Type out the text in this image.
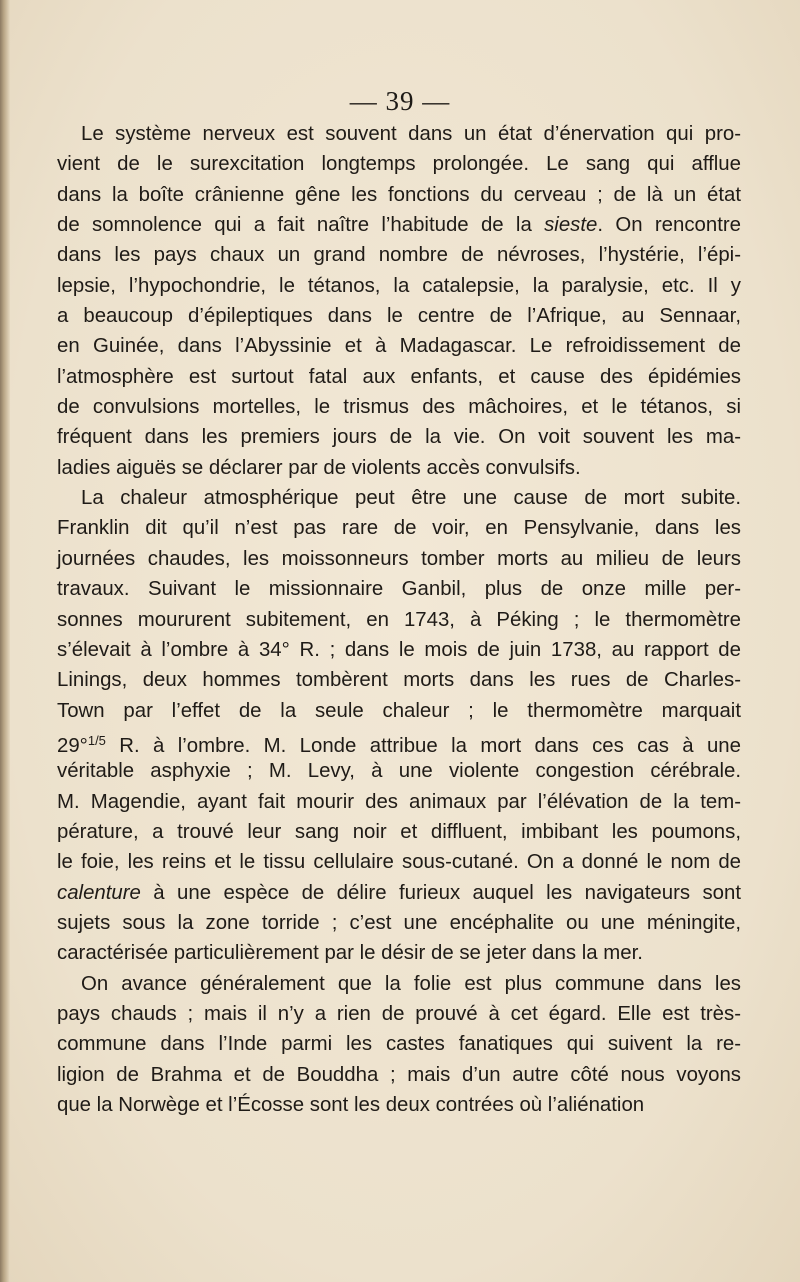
— 39 —
Le système nerveux est souvent dans un état d’énervation qui pro-
vient de le surexcitation longtemps prolongée. Le sang qui afflue
dans la boîte crânienne gêne les fonctions du cerveau ; de là un état
de somnolence qui a fait naître l’habitude de la sieste. On rencontre
dans les pays chaux un grand nombre de névroses, l’hystérie, l’épi-
lepsie, l’hypochondrie, le tétanos, la catalepsie, la paralysie, etc. Il y
a beaucoup d’épileptiques dans le centre de l’Afrique, au Sennaar,
en Guinée, dans l’Abyssinie et à Madagascar. Le refroidissement de
l’atmosphère est surtout fatal aux enfants, et cause des épidémies
de convulsions mortelles, le trismus des mâchoires, et le tétanos, si
fréquent dans les premiers jours de la vie. On voit souvent les ma-
ladies aiguës se déclarer par de violents accès convulsifs.
La chaleur atmosphérique peut être une cause de mort subite.
Franklin dit qu’il n’est pas rare de voir, en Pensylvanie, dans les
journées chaudes, les moissonneurs tomber morts au milieu de leurs
travaux. Suivant le missionnaire Ganbil, plus de onze mille per-
sonnes moururent subitement, en 1743, à Péking ; le thermomètre
s’élevait à l’ombre à 34° R. ; dans le mois de juin 1738, au rapport de
Linings, deux hommes tombèrent morts dans les rues de Charles-
Town par l’effet de la seule chaleur ; le thermomètre marquait
29°$^{1/5}$ R. à l’ombre. M. Londe attribue la mort dans ces cas à une
véritable asphyxie ; M. Levy, à une violente congestion cérébrale.
M. Magendie, ayant fait mourir des animaux par l’élévation de la tem-
pérature, a trouvé leur sang noir et diffluent, imbibant les poumons,
le foie, les reins et le tissu cellulaire sous-cutané. On a donné le nom de
calenture à une espèce de délire furieux auquel les navigateurs sont
sujets sous la zone torride ; c’est une encéphalite ou une méningite,
caractérisée particulièrement par le désir de se jeter dans la mer.
On avance généralement que la folie est plus commune dans les
pays chauds ; mais il n’y a rien de prouvé à cet égard. Elle est très-
commune dans l’Inde parmi les castes fanatiques qui suivent la re-
ligion de Brahma et de Bouddha ; mais d’un autre côté nous voyons
que la Norwège et l’Écosse sont les deux contrées où l’aliénation
